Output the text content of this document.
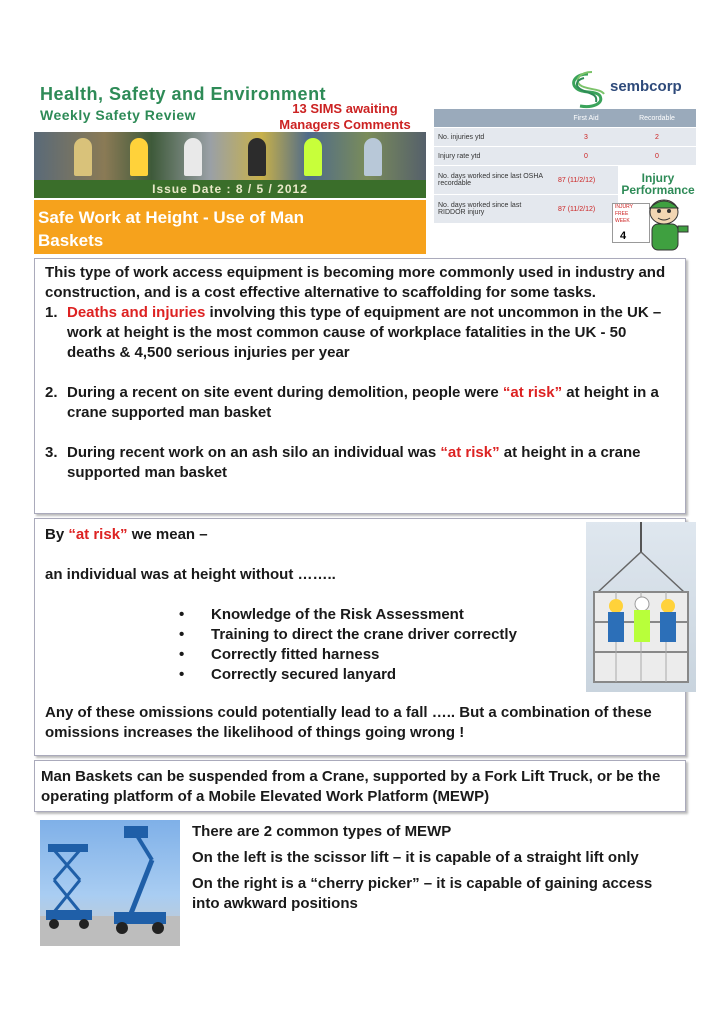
Health, Safety and Environment
Weekly Safety Review	13 SIMS awaiting
Managers Comments
sembcorp
Issue Date : 8 / 5 / 2012
Safe Work at Height - Use of Man
Baskets
	First Aid	Recordable
No. injuries ytd	3	2
Injury rate ytd	0	0
No. days worked since last OSHA recordable	87 (11/2/12)	
No. days worked since last RIDDOR injury	87 (11/2/12)	
Injury
Performance
INJURY
FREE
WEEK
4
This type of work access equipment is becoming more commonly used in industry and construction, and is a cost effective alternative to scaffolding for some tasks.
1. Deaths and injuries involving this type of equipment are not uncommon in the UK – work at height is the most common cause of workplace fatalities in the UK - 50 deaths & 4,500 serious injuries per year
2. During a recent on site event during demolition, people were “at risk” at height in a crane supported man basket
3. During recent work on an ash silo an individual was “at risk” at height in a crane supported man basket
By “at risk” we mean –
an individual was at height without ……..
• Knowledge of the Risk Assessment
• Training to direct the crane driver correctly
• Correctly fitted harness
• Correctly secured lanyard
Any of these omissions could potentially lead to a fall ….. But a combination of these omissions increases the likelihood of things going wrong !
Man Baskets can be suspended from a Crane, supported by a Fork Lift Truck, or be the operating platform of a Mobile Elevated Work Platform (MEWP)
There are 2 common types of MEWP
On the left is the scissor lift – it is capable of a straight lift only
On the right is a “cherry picker” – it is capable of gaining access into awkward positions
